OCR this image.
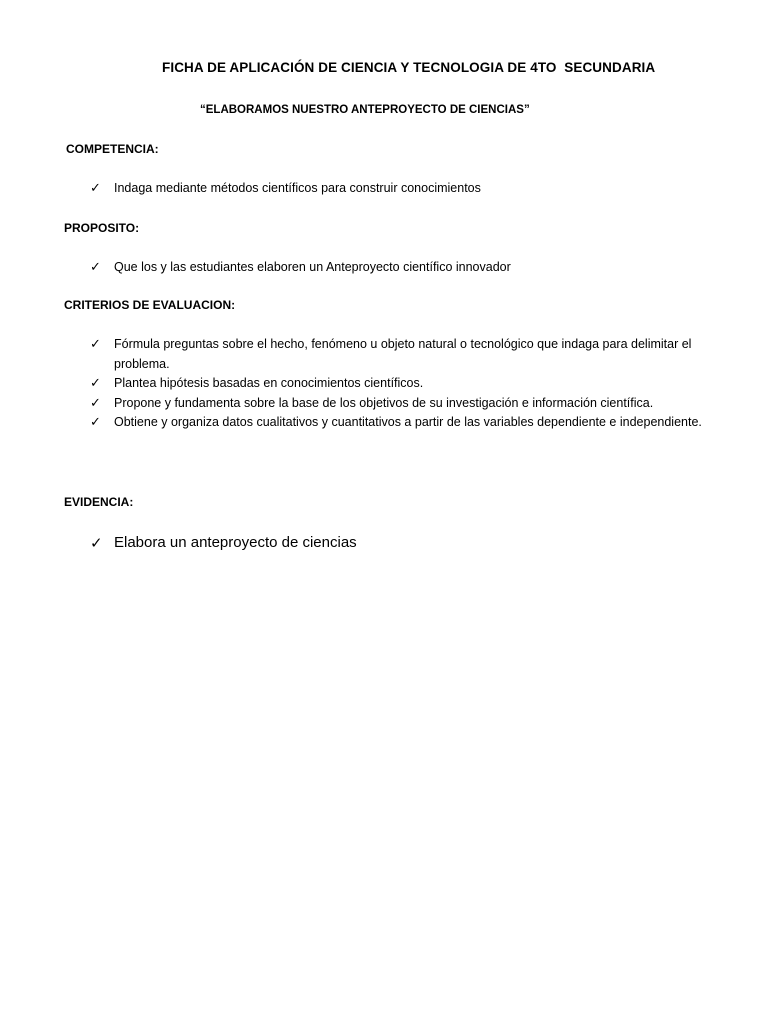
FICHA DE APLICACIÓN DE CIENCIA Y TECNOLOGIA DE 4TO  SECUNDARIA
“ELABORAMOS NUESTRO ANTEPROYECTO DE CIENCIAS”
COMPETENCIA:
✓ Indaga mediante métodos científicos para construir conocimientos
PROPOSITO:
✓ Que los y las estudiantes elaboren un Anteproyecto científico innovador
CRITERIOS DE EVALUACION:
✓ Fórmula preguntas sobre el hecho, fenómeno u objeto natural o tecnológico que indaga para delimitar el problema.
✓ Plantea hipótesis basadas en conocimientos científicos.
✓ Propone y fundamenta sobre la base de los objetivos de su investigación e información científica.
✓ Obtiene y organiza datos cualitativos y cuantitativos a partir de las variables dependiente e independiente.
EVIDENCIA:
✓ Elabora un anteproyecto de ciencias
